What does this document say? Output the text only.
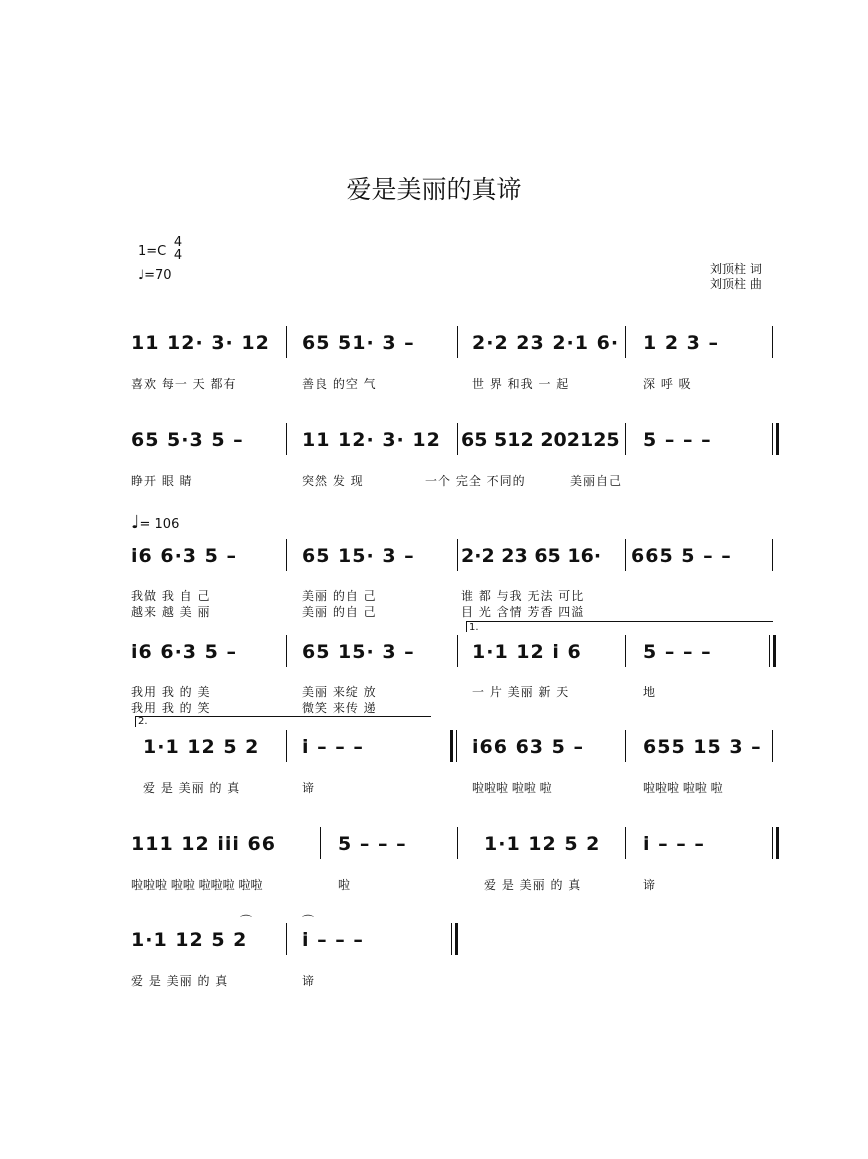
爱是美丽的真谛
1=C
4
4
♩=70	刘顶柱 词
刘顶柱 曲
11 12· 3· 12 65 51· 3 –	2·2 23 2·1 6· 1 2 3 –
喜欢 每一 天 都有	善良 的空 气	世 界 和我 一 起	深 呼 吸
65 5·3 5 –	11 12· 3· 12 65 512 202125 5 – – –
睁开 眼 睛	突然 发 现	一个 完全 不同的	美丽自己
♩= 106
i6 6·3 5 –	65 15· 3 – 2·2 23 65 16· 665 5 – –
我做 我 自 己	美丽 的自 己	谁 都 与我 无法 可比
越来 越 美 丽	美丽 的自 己	目 光 含情 芳香 四溢
1.
i6 6·3 5 –	65 15· 3 –	1·1 12 i 6	5 – – –
我用 我 的 美	美丽 来绽 放	一 片 美丽 新 天	地
我用 我 的 笑	微笑 来传 递
2.
1·1 12 5 2 i – – –	i66 63 5 –	655 15 3 –
爱 是 美丽 的 真	谛	啦啦啦 啦啦 啦	啦啦啦 啦啦 啦
111 12 iii 66	5 – – –	1·1 12 5 2 i – – –
啦啦啦 啦啦 啦啦啦 啦啦	啦	爱 是 美丽 的 真	谛
⌒	⌒
1·1 12 5 2	i – – –
爱 是 美丽 的 真	谛
